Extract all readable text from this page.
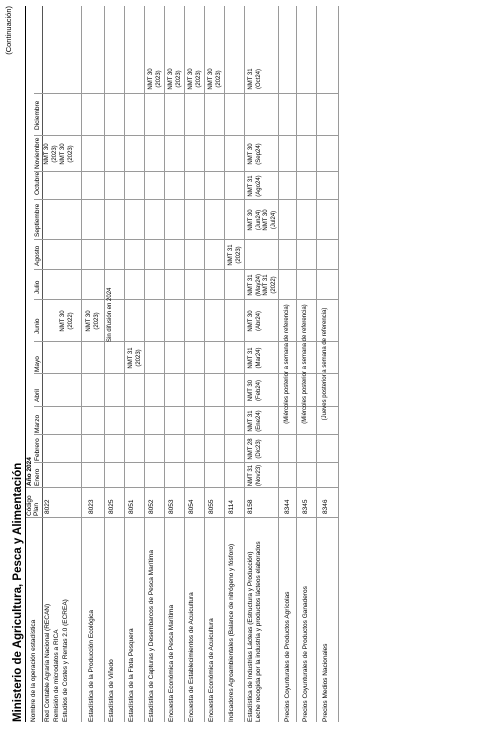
Ministerio de Agricultura, Pesca y Alimentación
(Continuación)
Nombre de la operación estadística
Código Plan
Año 2024 Enero
Febrero
Marzo
Abril
Mayo
Junio
Julio
Agosto
Septiembre
Octubre
Noviembre
Diciembre
Red Contable Agraria Nacional (RECAN)
8022
Remisión de microdatos a RICA Estudios de Costes y Rentas 2.0 (ECREA)	Estadística de la Producción Ecológica
8023
Estadística de Viñedo
8025
Estadística de la Flota Pesquera
8051
Estadística de Capturas y Desembarcos de Pesca Marítima
8052
Encuesta Económica de Pesca Marítima
8053
Encuesta de Establecimientos de Acuicultura
8054
Encuesta Económica de Acuicultura
8055
Indicadores Agroambientales (Balance de nitrógeno y fósforo)
8114
Estadística de Industrias Lácteas (Estructura y Producción)
8158
Leche recogida por la industria y productos lácteos elaborados	Precios Coyunturales de Productos Agrícolas
8344
Precios Coyunturales de Productos Ganaderos
8345
Precios Medios Nacionales
8346
NMT 30 (2023)
NMT 30 (2022)
NMT 30 (2023)
NMT 30 (2023) Sin difusión en 2024
NMT 31 (2023)
NMT 30 (2023) NMT 30 (2023) NMT 30 (2023) NMT 30 (2023)
NMT 31 (2023)
NMT 31 (Nov23)
NMT 28 (Dic23)
NMT 31 (Ene24)
NMT 30 (Feb24)
NMT 31 (Mar24)
NMT 30 (Abr24)
NMT 31 (May24) NMT 31 (2022)
NMT 30 (Jun24) NMT 30 (Jul24)
NMT 31 (Ago24)
NMT 30 (Sep24)
NMT 31 (Oct24)
(Miércoles posterior a semana de referencia) (Miércoles posterior a semana de referencia) (Jueves posterior a semana de referencia)
